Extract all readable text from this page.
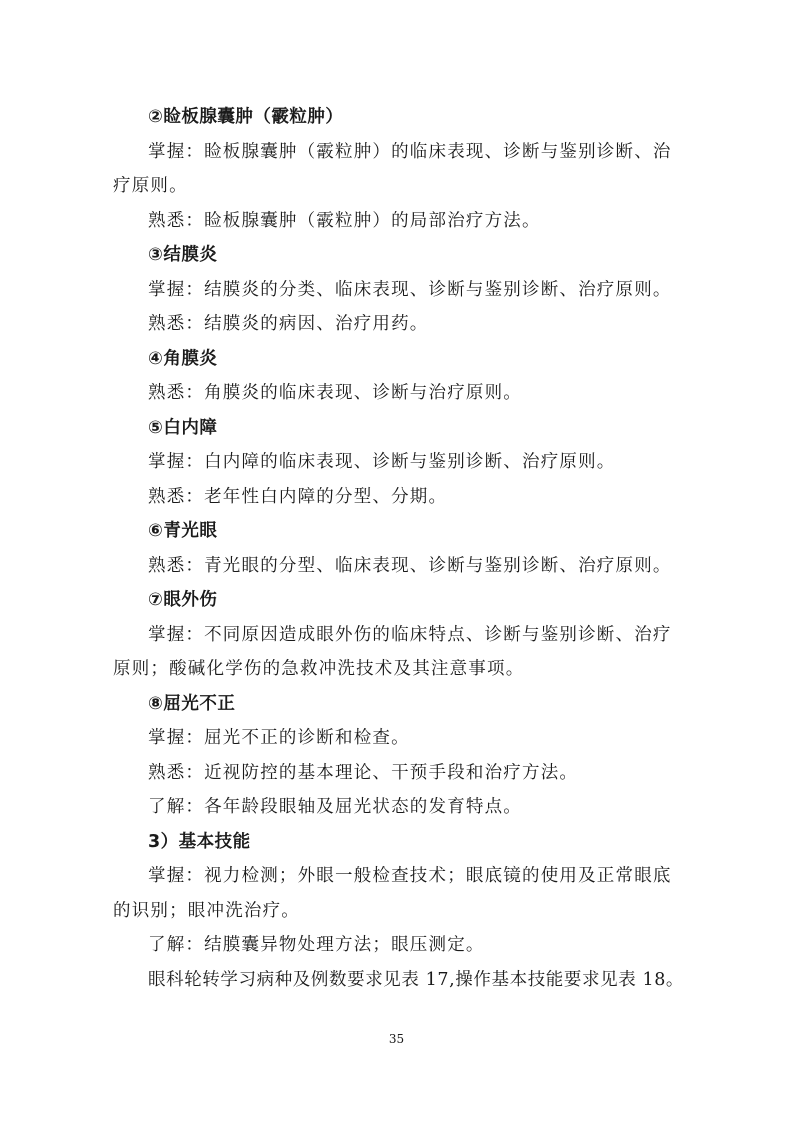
②睑板腺囊肿（霰粒肿）
掌握：睑板腺囊肿（霰粒肿）的临床表现、诊断与鉴别诊断、治
疗原则。
熟悉：睑板腺囊肿（霰粒肿）的局部治疗方法。
③结膜炎
掌握：结膜炎的分类、临床表现、诊断与鉴别诊断、治疗原则。
熟悉：结膜炎的病因、治疗用药。
④角膜炎
熟悉：角膜炎的临床表现、诊断与治疗原则。
⑤白内障
掌握：白内障的临床表现、诊断与鉴别诊断、治疗原则。
熟悉：老年性白内障的分型、分期。
⑥青光眼
熟悉：青光眼的分型、临床表现、诊断与鉴别诊断、治疗原则。
⑦眼外伤
掌握：不同原因造成眼外伤的临床特点、诊断与鉴别诊断、治疗
原则；酸碱化学伤的急救冲洗技术及其注意事项。
⑧屈光不正
掌握：屈光不正的诊断和检查。
熟悉：近视防控的基本理论、干预手段和治疗方法。
了解：各年龄段眼轴及屈光状态的发育特点。
3）基本技能
掌握：视力检测；外眼一般检查技术；眼底镜的使用及正常眼底
的识别；眼冲洗治疗。
了解：结膜囊异物处理方法；眼压测定。
眼科轮转学习病种及例数要求见表 17,操作基本技能要求见表 18。
35
